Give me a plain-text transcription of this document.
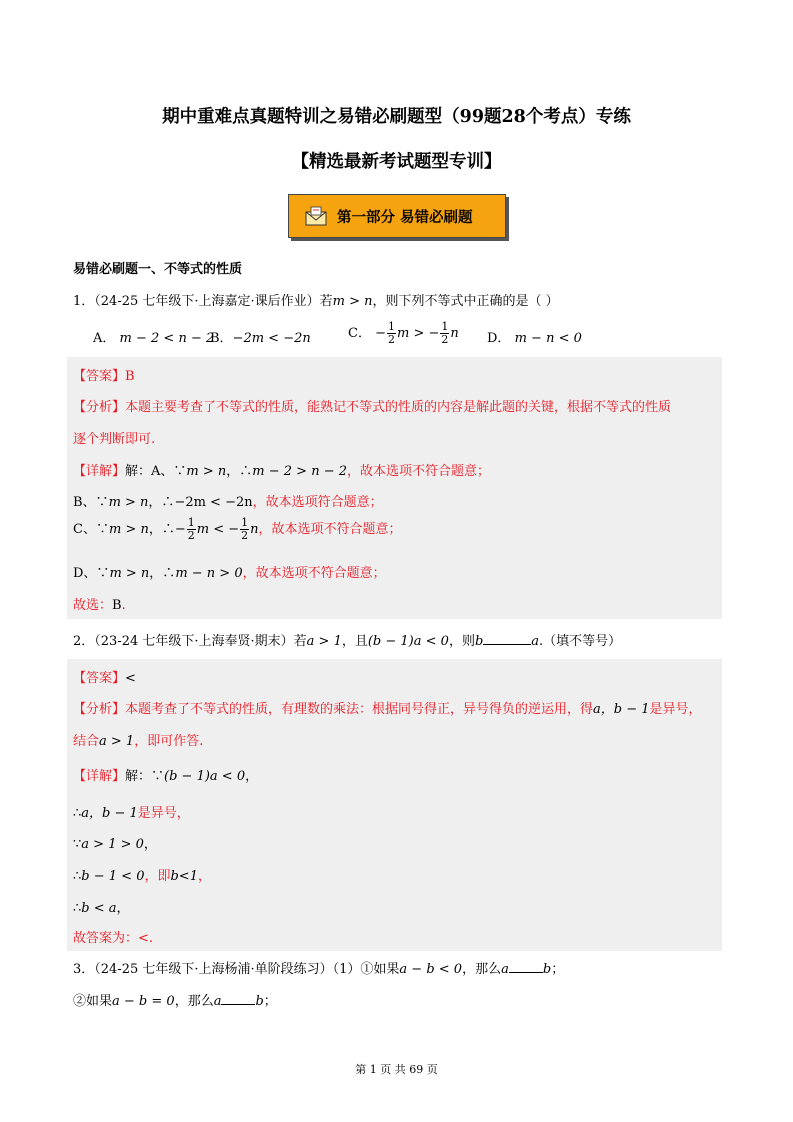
期中重难点真题特训之易错必刷题型（99题28个考点）专练
【精选最新考试题型专训】
第一部分 易错必刷题
易错必刷题一、不等式的性质
1．（24-25 七年级下·上海嘉定·课后作业）若m > n，则下列不等式中正确的是（ ）
A． m − 2 < n − 2
B．−2m < −2n	C． − $\frac{1}{2}$ m > − $\frac{1}{2}$ n D． m − n < 0
【答案】B
【分析】本题主要考查了不等式的性质，能熟记不等式的性质的内容是解此题的关键，根据不等式的性质
逐个判断即可.
【详解】解：A、∵m > n，∴m − 2 > n − 2，故本选项不符合题意；
B、∵m > n，∴−2m < −2n，故本选项符合题意；
C、∵m > n，∴− $\frac{1}{2}$ m < − $\frac{1}{2}$ n，故本选项不符合题意；
D、∵m > n，∴m − n > 0，故本选项不符合题意；
故选：B.
2．（23-24 七年级下·上海奉贤·期末）若a > 1，且(b − 1)a < 0，则b	a.（填不等号）
【答案】<
【分析】本题考查了不等式的性质，有理数的乘法：根据同号得正，异号得负的逆运用，得a，b − 1是异号，
结合a > 1，即可作答.
【详解】解：∵(b − 1)a < 0，
∴a，b − 1是异号，
∵a > 1 > 0，
∴b − 1 < 0，即b<1，
∴b < a，
故答案为：<.
3．（24-25 七年级下·上海杨浦·单阶段练习）（1）①如果a − b < 0，那么a	b；
②如果a − b = 0，那么a	b；
第 1 页 共 69 页
